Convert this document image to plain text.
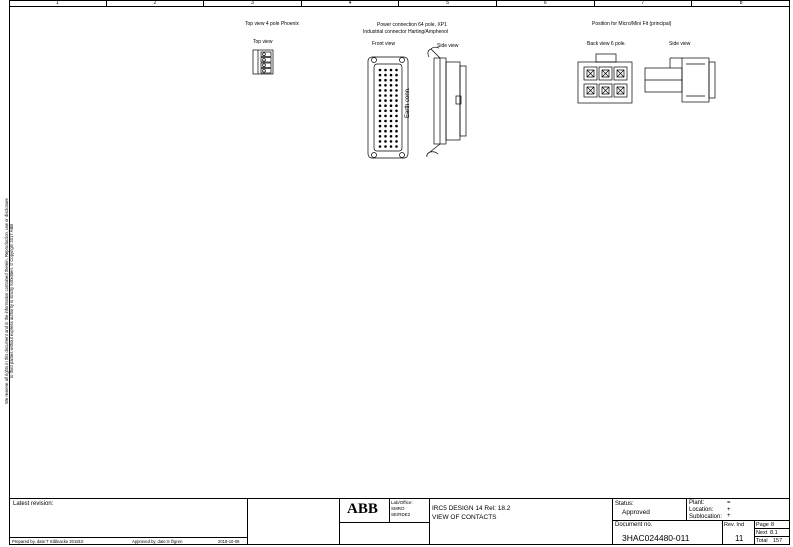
1	2	3	4	5	6	7	8
We reserve all rights in this document and in the information contained therein. Reproduction, use or disclosure to third parties without express authority is strictly forbidden. © Copyright 2017 ABB
Top view 4 pole Phoenix
Top view
Power connection 64 pole, XP1
Industrial connector Harting/Amphenol
Front view	Side view
Earth conn.
Position for Micro/Mini Fit (principal)
Back view 6 pole.	Side view
Latest revision:
Prepared by, date:T Stålnacke 201810	Approved by, date:S Ögren	2018-10-08
ABB	Lab/Office:
SMRO
SE/RDE2
IRC5 DESIGN 14 Rel: 18.2
VIEW OF CONTACTS
Status:
Approved
Plant:	=
Location: +
Sublocation: +
Document no.
3HAC024480-011
Rev. Ind
11
Page 8
Next 8.1
Total 157
